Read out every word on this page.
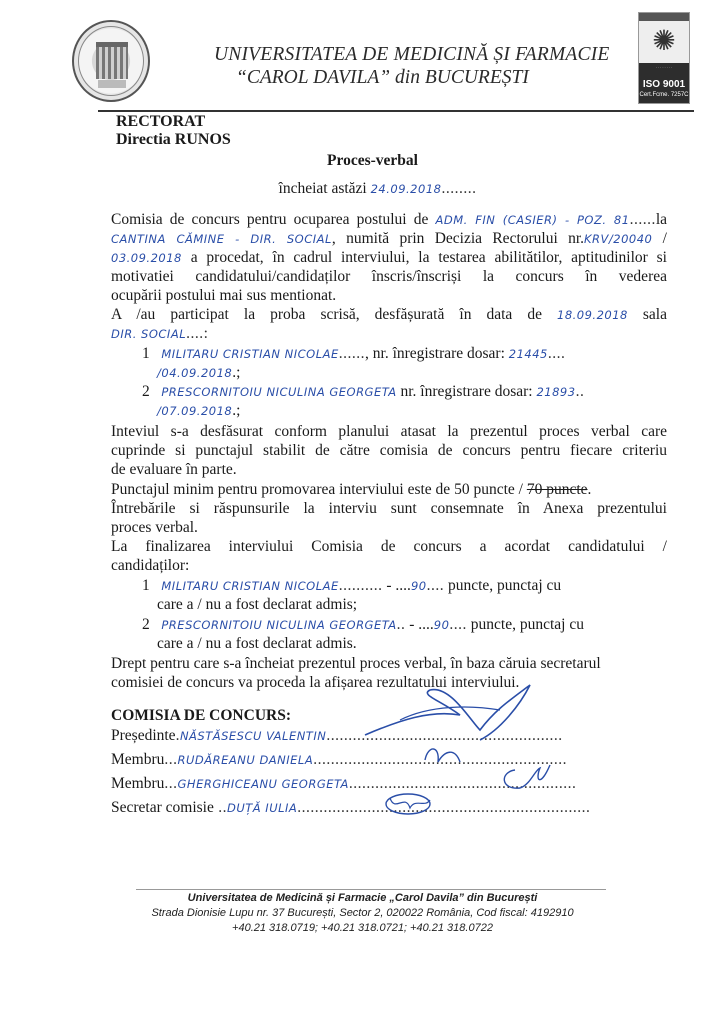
UNIVERSITATEA DE MEDICINĂ ȘI FARMACIE
“CAROL DAVILA” din BUCUREȘTI
✺
· · · · · · · ·
ISO 9001
Cert.Fcme. 7257C
RECTORAT
Directia RUNOS
Proces-verbal
încheiat astăzi 24.09.2018........
Comisia de concurs pentru ocuparea postului de ADM. FIN (CASIER) - POZ. 81......la
CANTINA CĂMINE - DIR. SOCIAL, numită prin Decizia Rectorului nr.KRV/20040 /
03.09.2018 a procedat, în cadrul interviului, la testarea abilitătilor, aptitudinilor si
motivatiei candidatului/candidaților înscris/înscriși la concurs în vederea
ocupării postului mai sus mentionat.
A /au participat la proba scrisă, desfășurată în data de 18.09.2018 sala
DIR. SOCIAL....:
1 MILITARU CRISTIAN NICOLAE......, nr. înregistrare dosar: 21445....
/04.09.2018.;
2 PRESCORNITOIU NICULINA GEORGETA nr. înregistrare dosar: 21893..
/07.09.2018.;
Inteviul s-a desfăsurat conform planului atasat la prezentul proces verbal care
cuprinde si punctajul stabilit de către comisia de concurs pentru fiecare criteriu
de evaluare în parte.
Punctajul minim pentru promovarea interviului este de 50 puncte / 70 puncte.
Întrebările si răspunsurile la interviu sunt consemnate în Anexa prezentului
proces verbal.
La finalizarea interviului Comisia de concurs a acordat candidatului /
candidaților:
1 MILITARU CRISTIAN NICOLAE.......... - ....90.... puncte, punctaj cu
care a / nu a fost declarat admis;
2 PRESCORNITOIU NICULINA GEORGETA.. - ....90.... puncte, punctaj cu
care a / nu a fost declarat admis.
Drept pentru care s-a încheiat prezentul proces verbal, în baza căruia secretarul
comisiei de concurs va proceda la afișarea rezultatului interviului.
COMISIA DE CONCURS:
Președinte.NĂSTĂSESCU VALENTIN......................................................
Membru...RUDĂREANU DANIELA..........................................................
Membru...GHERGHICEANU GEORGETA....................................................
Secretar comisie ..DUȚĂ IULIA...................................................................
Universitatea de Medicină și Farmacie „Carol Davila” din București
Strada Dionisie Lupu nr. 37 București, Sector 2, 020022 România, Cod fiscal: 4192910
+40.21 318.0719; +40.21 318.0721; +40.21 318.0722
